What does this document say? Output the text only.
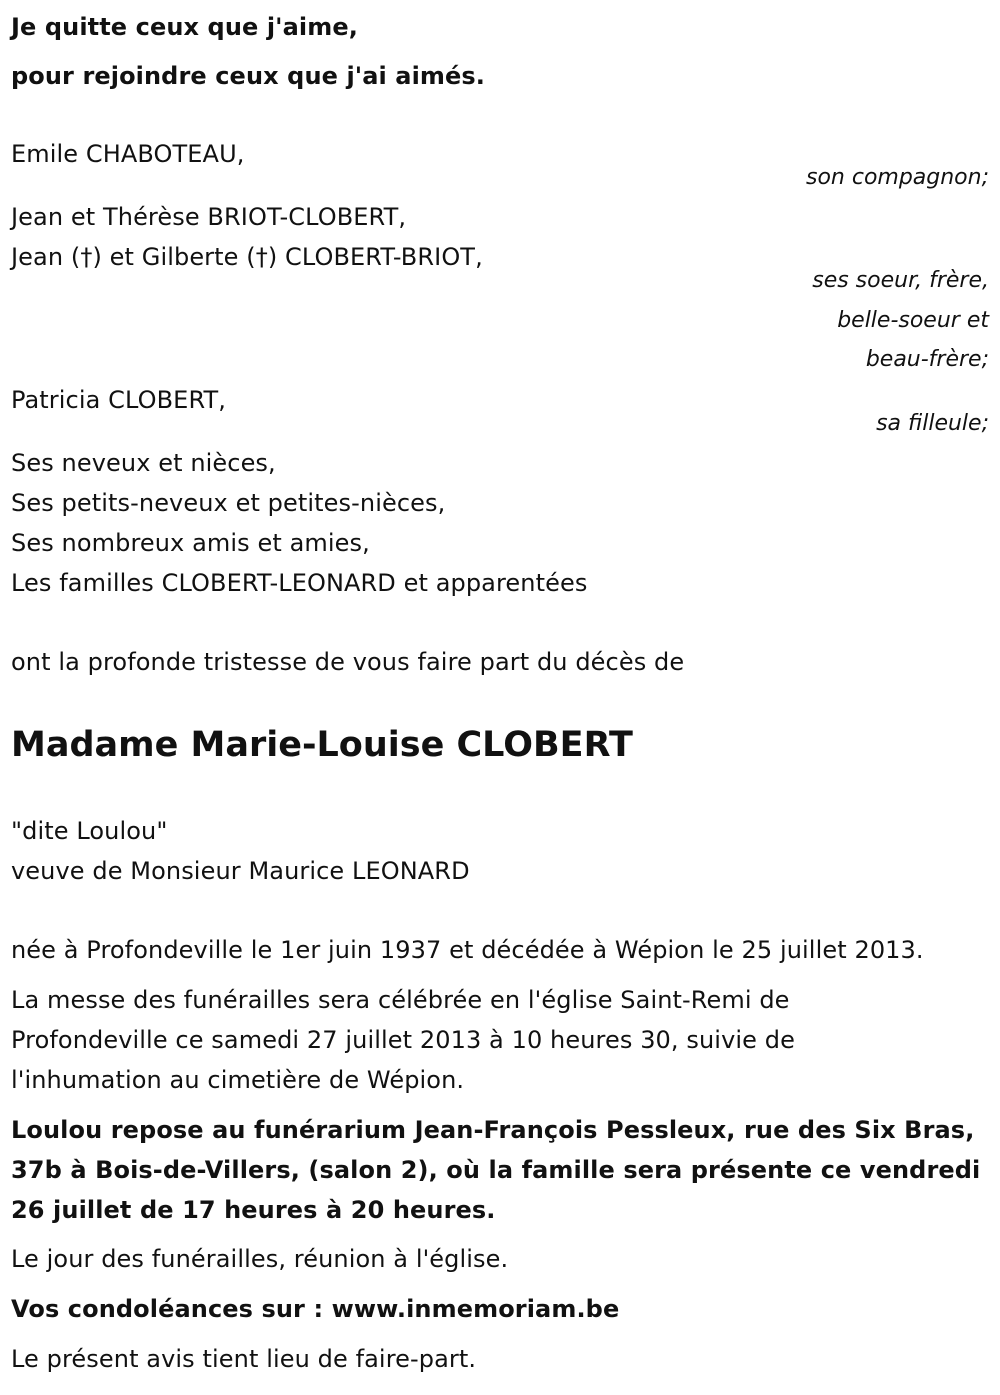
Je quitte ceux que j'aime,
pour rejoindre ceux que j'ai aimés.
Emile CHABOTEAU,
son compagnon;
Jean et Thérèse BRIOT-CLOBERT,
Jean (†) et Gilberte (†) CLOBERT-BRIOT,
ses soeur, frère,
belle-soeur et
beau-frère;
Patricia CLOBERT,
sa filleule;
Ses neveux et nièces,
Ses petits-neveux et petites-nièces,
Ses nombreux amis et amies,
Les familles CLOBERT-LEONARD et apparentées
ont la profonde tristesse de vous faire part du décès de
Madame Marie-Louise CLOBERT
"dite Loulou"
veuve de Monsieur Maurice LEONARD
née à Profondeville le 1er juin 1937 et décédée à Wépion le 25 juillet 2013.
La messe des funérailles sera célébrée en l'église Saint-Remi de
Profondeville ce samedi 27 juillet 2013 à 10 heures 30, suivie de
l'inhumation au cimetière de Wépion.
Loulou repose au funérarium Jean-François Pessleux, rue des Six Bras,
37b à Bois-de-Villers, (salon 2), où la famille sera présente ce vendredi
26 juillet de 17 heures à 20 heures.
Le jour des funérailles, réunion à l'église.
Vos condoléances sur : www.inmemoriam.be
Le présent avis tient lieu de faire-part.
